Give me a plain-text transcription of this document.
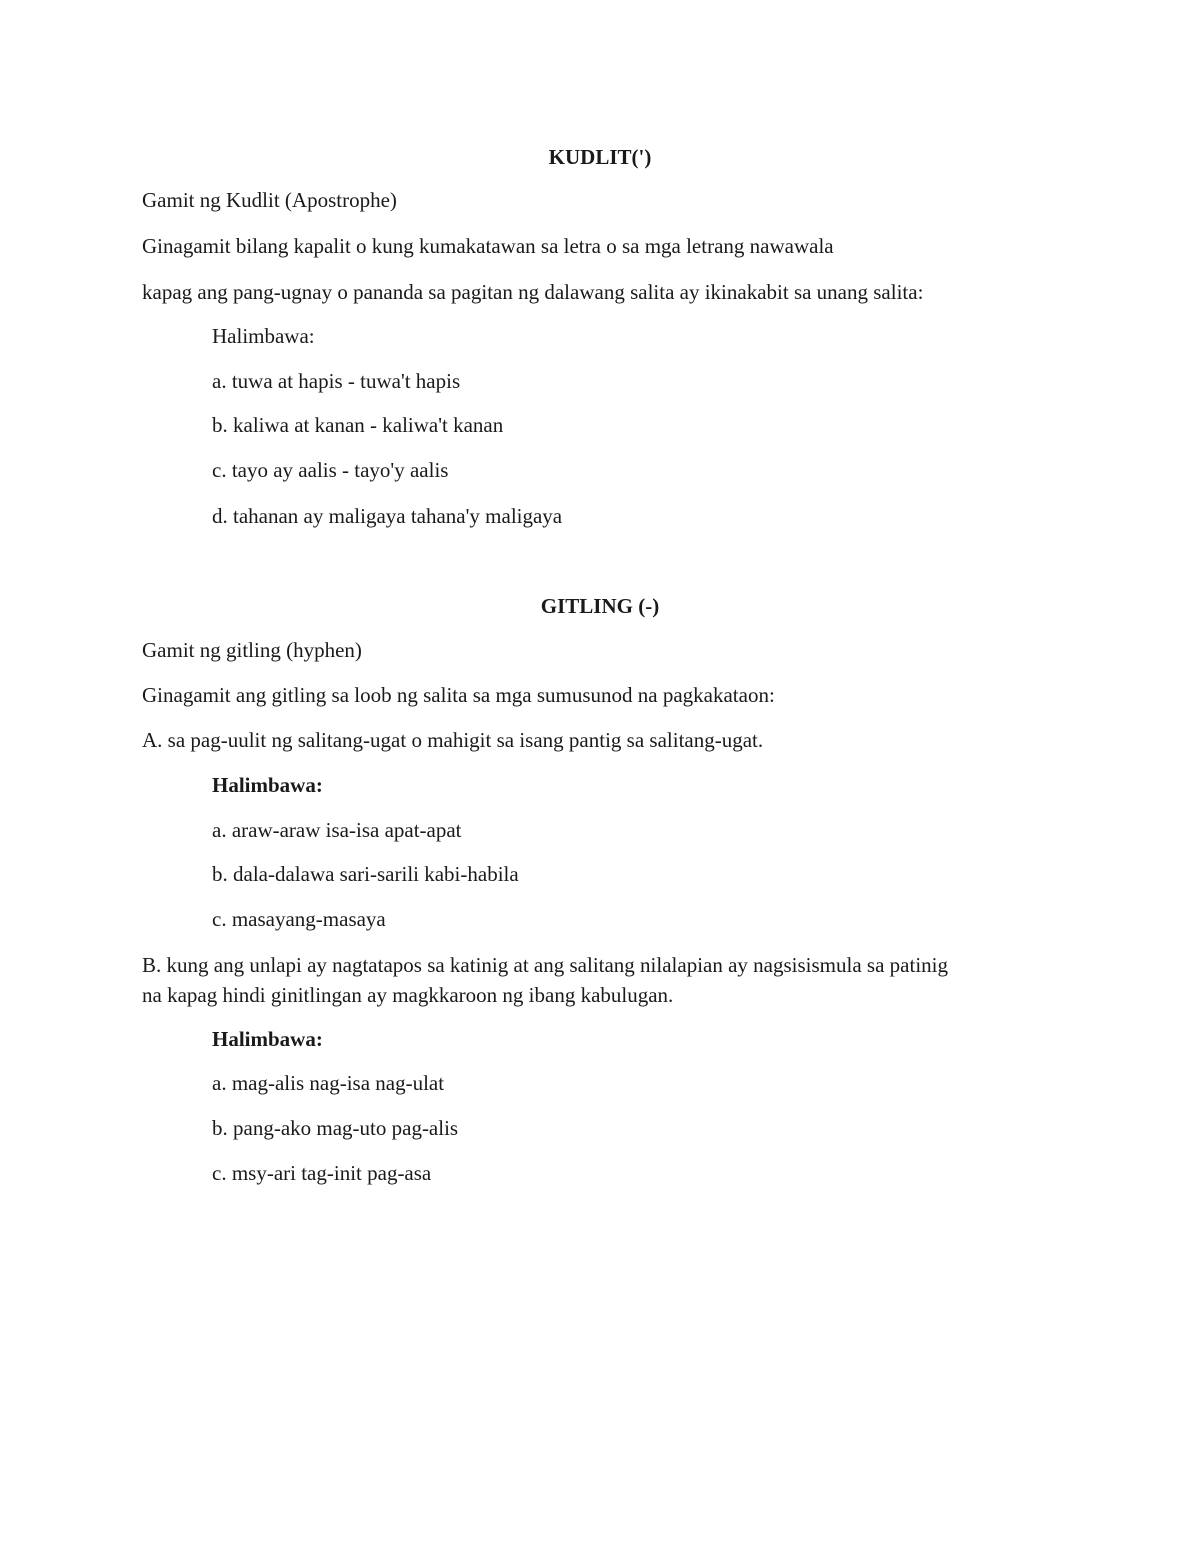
KUDLIT(')
Gamit ng Kudlit (Apostrophe)
Ginagamit bilang kapalit o kung kumakatawan sa letra o sa mga letrang nawawala
kapag ang pang-ugnay o pananda sa pagitan ng dalawang salita ay ikinakabit sa unang salita:
Halimbawa:
a. tuwa at hapis - tuwa't hapis
b. kaliwa at kanan - kaliwa't kanan
c. tayo ay aalis - tayo'y aalis
d. tahanan ay maligaya tahana'y maligaya
GITLING (-)
Gamit ng gitling (hyphen)
Ginagamit ang gitling sa loob ng salita sa mga sumusunod na pagkakataon:
A. sa pag-uulit ng salitang-ugat o mahigit sa isang pantig sa salitang-ugat.
Halimbawa:
a. araw-araw isa-isa apat-apat
b. dala-dalawa sari-sarili kabi-habila
c. masayang-masaya
B. kung ang unlapi ay nagtatapos sa katinig at ang salitang nilalapian ay nagsisismula sa patinig
na kapag hindi ginitlingan ay magkkaroon ng ibang kabulugan.
Halimbawa:
a. mag-alis nag-isa nag-ulat
b. pang-ako mag-uto pag-alis
c. msy-ari tag-init pag-asa
